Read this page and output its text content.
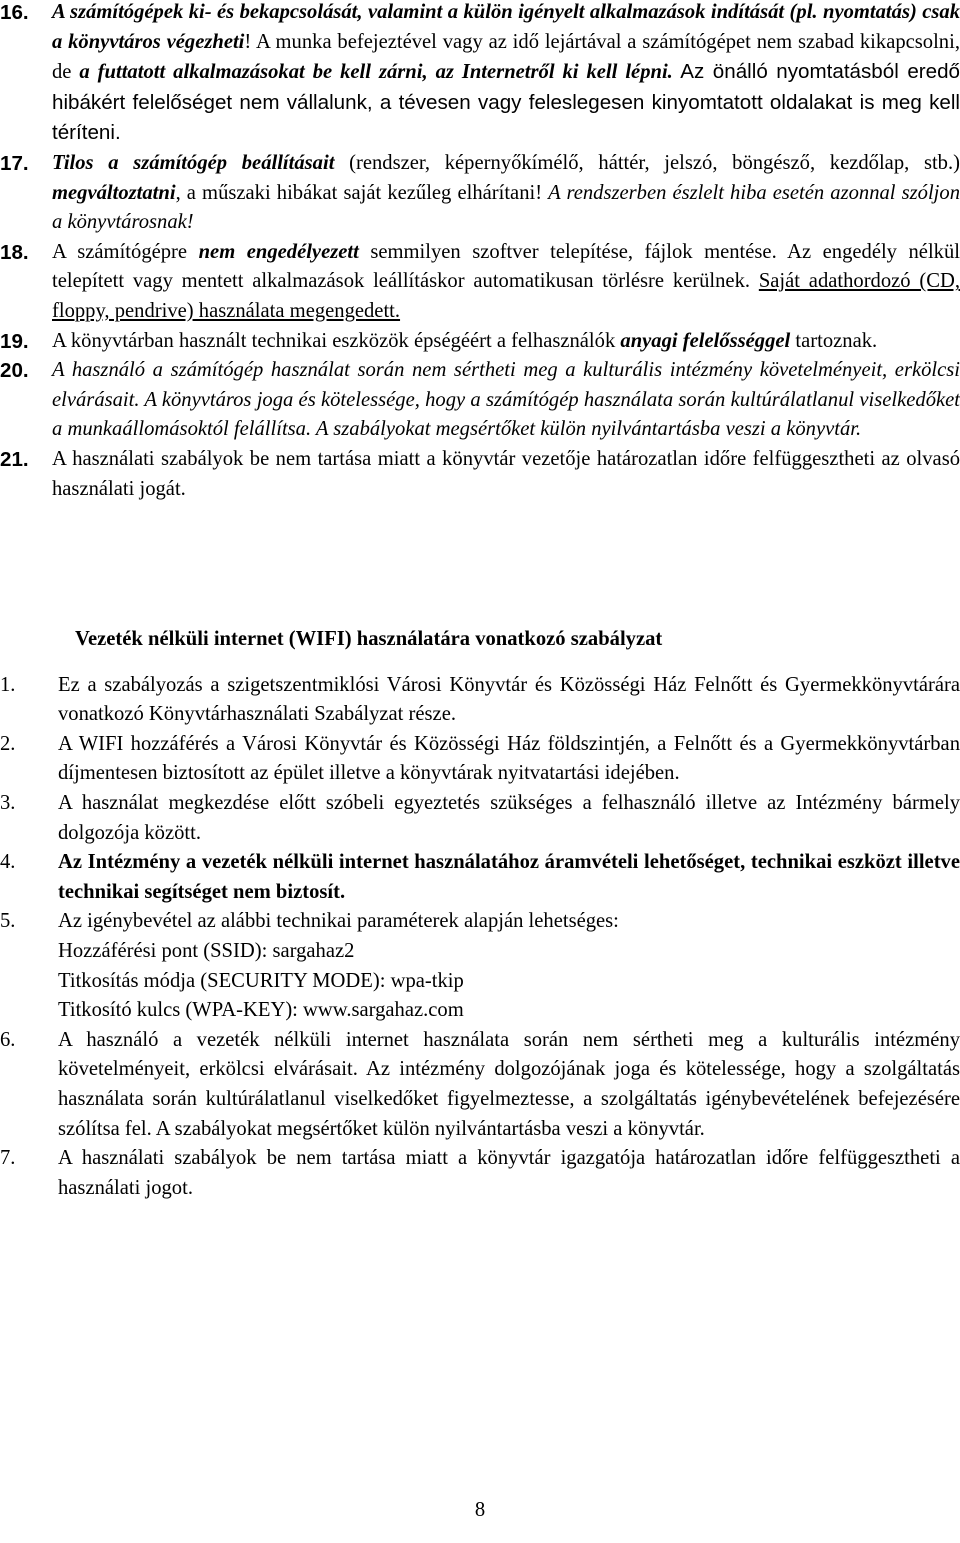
16.	A számítógépek ki- és bekapcsolását, valamint a külön igényelt alkalmazások indítását (pl. nyomtatás) csak a könyvtáros végezheti! A munka befejeztével vagy az idő lejártával a számítógépet nem szabad kikapcsolni, de a futtatott alkalmazásokat be kell zárni, az Internetről ki kell lépni. Az önálló nyomtatásból eredő hibákért felelőséget nem vállalunk, a tévesen vagy feleslegesen kinyomtatott oldalakat is meg kell téríteni.
17.	Tilos a számítógép beállításait (rendszer, képernyőkímélő, háttér, jelszó, böngésző, kezdőlap, stb.) megváltoztatni, a műszaki hibákat saját kezűleg elhárítani! A rendszerben észlelt hiba esetén azonnal szóljon a könyvtárosnak!
18.	A számítógépre nem engedélyezett semmilyen szoftver telepítése, fájlok mentése. Az engedély nélkül telepített vagy mentett alkalmazások leállításkor automatikusan törlésre kerülnek. Saját adathordozó (CD, floppy, pendrive) használata megengedett.
19.	A könyvtárban használt technikai eszközök épségéért a felhasználók anyagi felelősséggel tartoznak.
20.	A használó a számítógép használat során nem sértheti meg a kulturális intézmény követelményeit, erkölcsi elvárásait. A könyvtáros joga és kötelessége, hogy a számítógép használata során kultúrálatlanul viselkedőket a munkaállomásoktól felállítsa. A szabályokat megsértőket külön nyilvántartásba veszi a könyvtár.
21.	A használati szabályok be nem tartása miatt a könyvtár vezetője határozatlan időre felfüggesztheti az olvasó használati jogát.
Vezeték nélküli internet (WIFI) használatára vonatkozó szabályzat
1.	Ez a szabályozás a szigetszentmiklósi Városi Könyvtár és Közösségi Ház Felnőtt és Gyermekkönyvtárára vonatkozó Könyvtárhasználati Szabályzat része.
2.	A WIFI hozzáférés a Városi Könyvtár és Közösségi Ház földszintjén, a Felnőtt és a Gyermekkönyvtárban díjmentesen biztosított az épület illetve a könyvtárak nyitvatartási idejében.
3.	A használat megkezdése előtt szóbeli egyeztetés szükséges a felhasználó illetve az Intézmény bármely dolgozója között.
4.	Az Intézmény a vezeték nélküli internet használatához áramvételi lehetőséget, technikai eszközt illetve technikai segítséget nem biztosít.
5.	Az igénybevétel az alábbi technikai paraméterek alapján lehetséges:
Hozzáférési pont (SSID): sargahaz2
Titkosítás módja (SECURITY MODE): wpa-tkip
Titkosító kulcs (WPA-KEY): www.sargahaz.com
6.	A használó a vezeték nélküli internet használata során nem sértheti meg a kulturális intézmény követelményeit, erkölcsi elvárásait. Az intézmény dolgozójának joga és kötelessége, hogy a szolgáltatás használata során kultúrálatlanul viselkedőket figyelmeztesse, a szolgáltatás igénybevételének befejezésére szólítsa fel. A szabályokat megsértőket külön nyilvántartásba veszi a könyvtár.
7.	A használati szabályok be nem tartása miatt a könyvtár igazgatója határozatlan időre felfüggesztheti a használati jogot.
8
